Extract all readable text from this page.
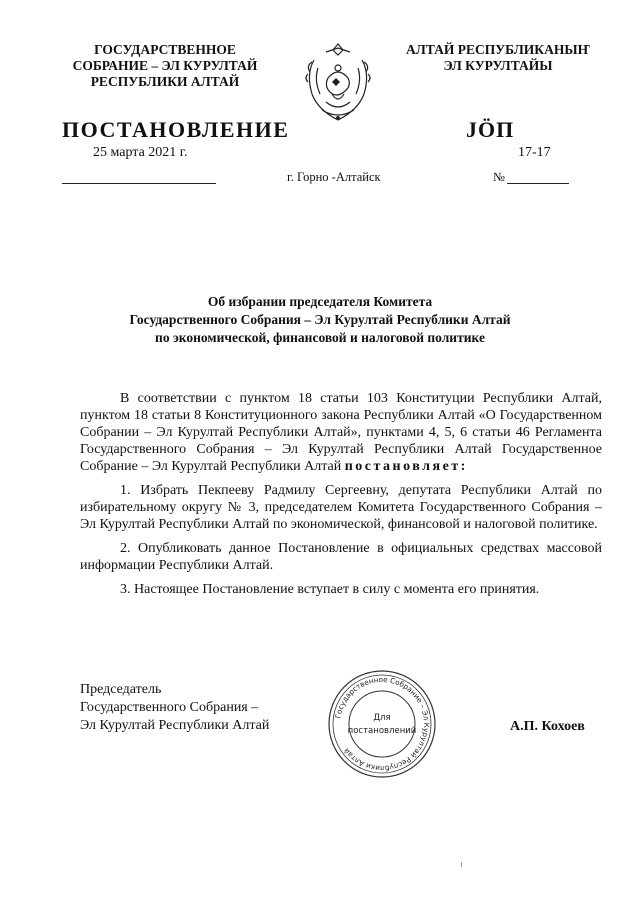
ГОСУДАРСТВЕННОЕ
СОБРАНИЕ – ЭЛ КУРУЛТАЙ
РЕСПУБЛИКИ АЛТАЙ
АЛТАЙ РЕСПУБЛИКАНЫҤ
ЭЛ КУРУЛТАЙЫ
ПОСТАНОВЛЕНИЕ	JӦП
25 марта 2021 г.	17-17
г. Горно -Алтайск	№
Об избрании председателя Комитета
Государственного Собрания – Эл Курултай Республики Алтай
по экономической, финансовой и налоговой политике

В соответствии с пунктом 18 статьи 103 Конституции Республики Алтай, пунктом 18 статьи 8 Конституционного закона Республики Алтай «О Государственном Собрании – Эл Курултай Республики Алтай», пунктами 4, 5, 6 статьи 46 Регламента Государственного Собрания – Эл Курултай Республики Алтай Государственное Собрание – Эл Курултай Республики Алтай постановляет:

1. Избрать Пекпееву Радмилу Сергеевну, депутата Республики Алтай по избирательному округу № 3, председателем Комитета Государственного Собрания – Эл Курултай Республики Алтай по экономической, финансовой и налоговой политике.

2. Опубликовать данное Постановление в официальных средствах массовой информации Республики Алтай.

3. Настоящее Постановление вступает в силу с момента его принятия.

Председатель
Государственного Собрания –
Эл Курултай Республики Алтай
Государственное Собрание – Эл Курултай Республики Алтай
Для
постановлений	А.П. Кохоев
